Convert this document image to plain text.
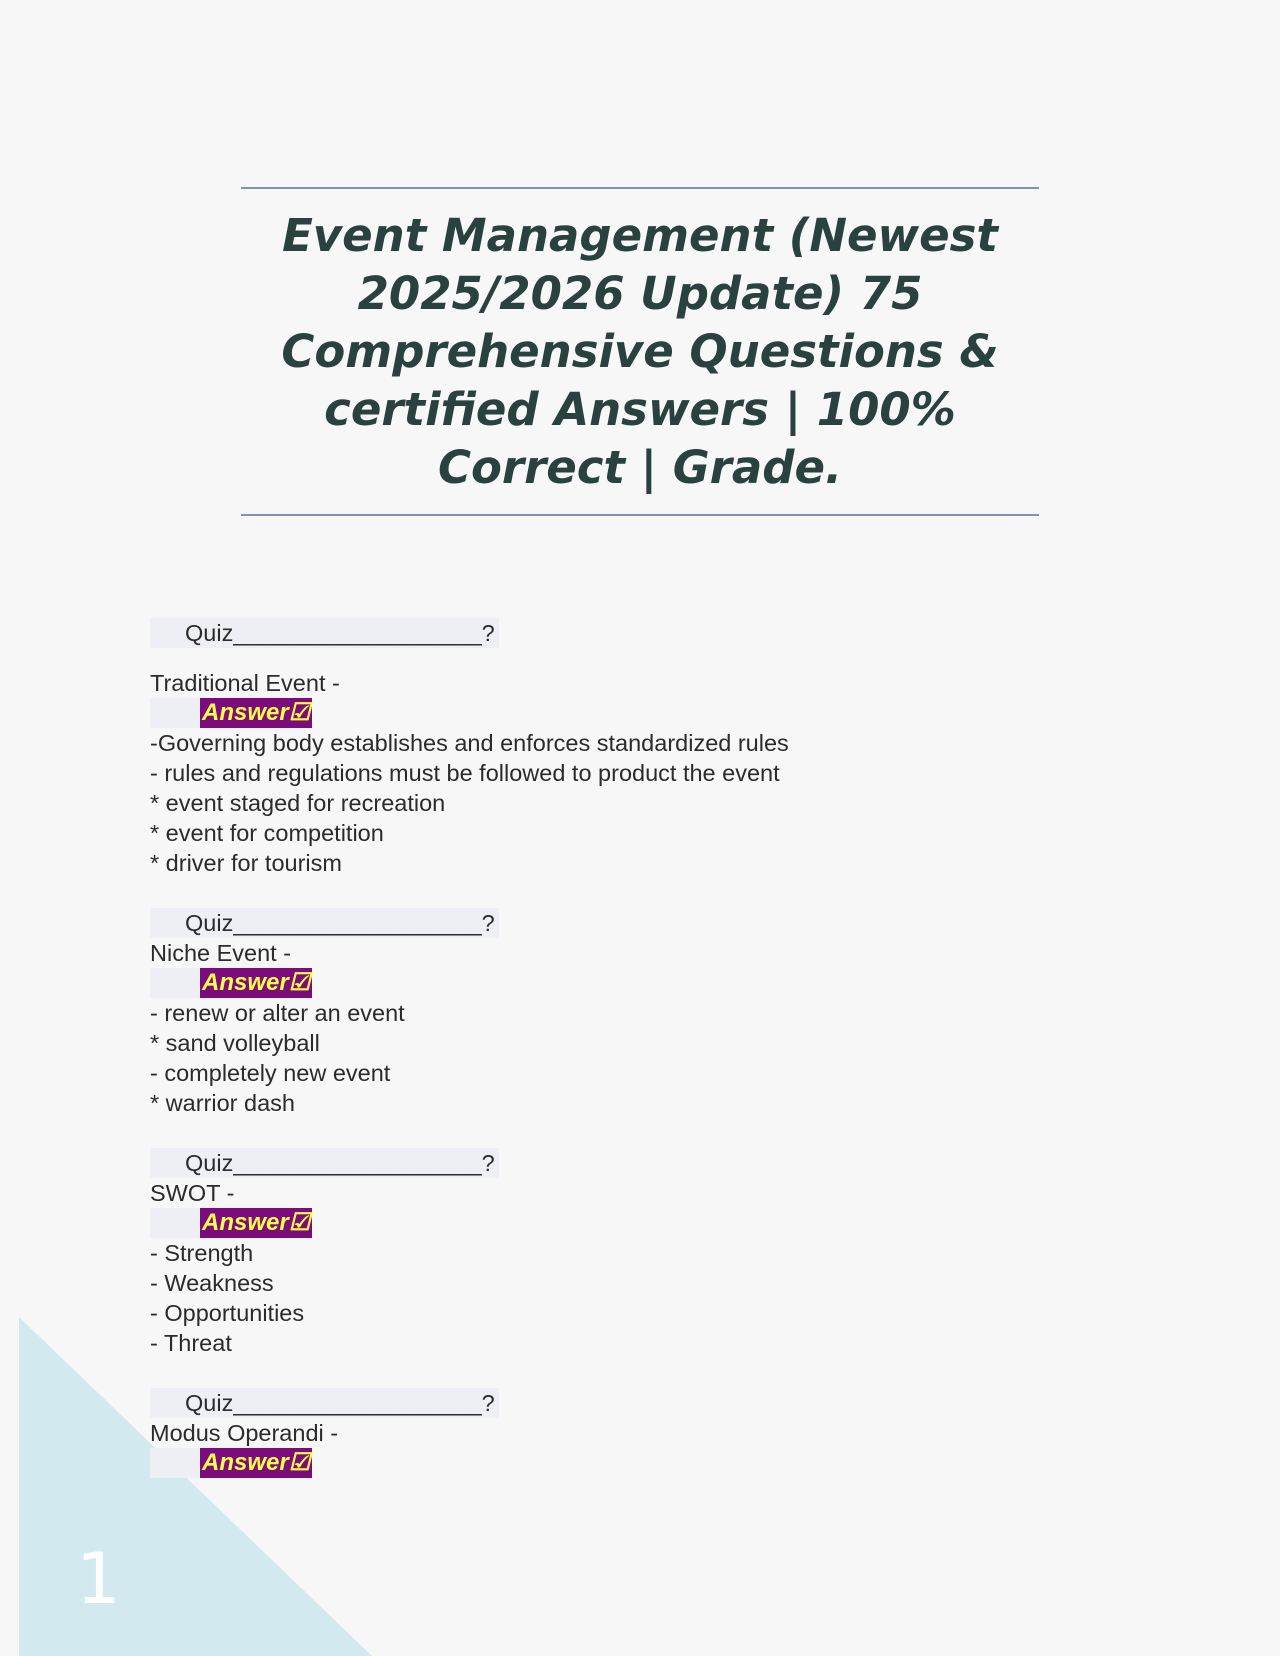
1
Event Management (Newest 2025/2026 Update) 75 Comprehensive Questions & certified Answers | 100% Correct | Grade.
Quiz___________________?

Traditional Event -

Answer☑
-Governing body establishes and enforces standardized rules
- rules and regulations must be followed to product the event
* event staged for recreation
* event for competition
* driver for tourism
Quiz___________________?

Niche Event -

Answer☑
- renew or alter an event
* sand volleyball
- completely new event
* warrior dash
Quiz___________________?

SWOT -

Answer☑
- Strength
- Weakness
- Opportunities
- Threat
Quiz___________________?

Modus Operandi -

Answer☑
